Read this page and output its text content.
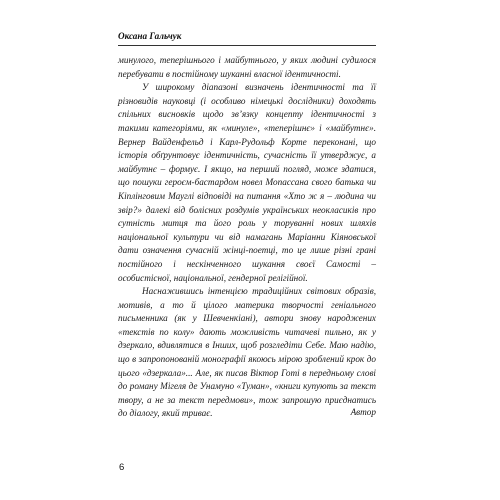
Оксана Гальчук

минулого, теперішнього і майбутнього, у яких людині судилося перебувати в постійному шуканні власної ідентичності.

У широкому діапазоні визначень ідентичності та її різновидів науковці (і особливо німецькі дослідники) доходять спільних висновків щодо зв’язку концепту ідентичності з такими категоріями, як «минуле», «теперішнє» і «майбутнє». Вернер Вайденфельд і Карл-Рудольф Корте переконані, що історія обґрунтовує ідентичність, сучасність її утверджує, а майбутнє – формує. І якщо, на перший погляд, може здатися, що пошуки героєм-бастардом новел Мопассана свого батька чи Кіплінговим Мауглі відповіді на питання «Хто ж я – людина чи звір?» далекі від болісних роздумів українських неокласиків про сутність митця та його роль у торуванні нових шляхів національної культури чи від намагань Маріанни Кіяновської дати означення сучасній жінці-поетці, то це лише різні грані постійного і нескінченного шукання своєї Самості – особистісної, національної, гендерної релігійної.

Наснажившись інтенцією традиційних світових образів, мотивів, а то й цілого материка творчості геніального письменника (як у Шевченкіані), автори знову народжених «текстів по колу» дають можливість читачеві пильно, як у дзеркало, вдивлятися в Інших, щоб розгледіти Себе. Маю надію, що в запропонованій монографії якоюсь мірою зроблений крок до цього «дзеркала»... Але, як писав Віктор Готі в передньому слові до роману Мігеля де Унамуно «Туман», «книги купують за текст твору, а не за текст передмови», тож запрошую приєднатись до діалогу, який триває.	Автор

6
